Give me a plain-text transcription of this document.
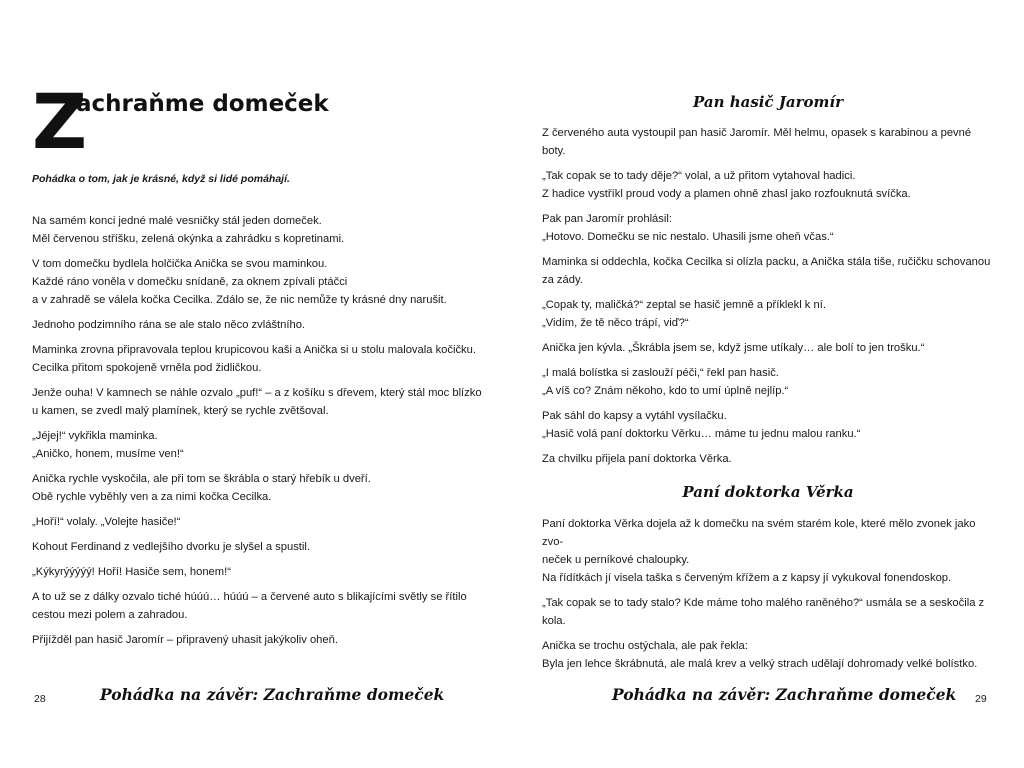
Z
achraňme domeček
Pohádka o tom, jak je krásné, když si lidé pomáhají.

Na samém konci jedné malé vesničky stál jeden domeček.
Měl červenou stříšku, zelená okýnka a zahrádku s kopretinami.

V tom domečku bydlela holčička Anička se svou maminkou.
Každé ráno voněla v domečku snídaně, za oknem zpívali ptáčci
a v zahradě se válela kočka Cecilka. Zdálo se, že nic nemůže ty krásné dny narušit.

Jednoho podzimního rána se ale stalo něco zvláštního.

Maminka zrovna připravovala teplou krupicovou kaši a Anička si u stolu malovala kočičku.
Cecilka přitom spokojeně vrněla pod židličkou.

Jenže ouha! V kamnech se náhle ozvalo „puf!“ – a z košíku s dřevem, který stál moc blízko u kamen, se zvedl malý plamínek, který se rychle zvětšoval.

„Jéjej!“ vykřikla maminka.
„Aničko, honem, musíme ven!“

Anička rychle vyskočila, ale při tom se škrábla o starý hřebík u dveří.
Obě rychle vyběhly ven a za nimi kočka Cecilka.

„Hoří!“ volaly. „Volejte hasiče!“

Kohout Ferdinand z vedlejšího dvorku je slyšel a spustil.

„Kýkyrýýýýý! Hoří! Hasiče sem, honem!“

A to už se z dálky ozvalo tiché húúú… húúú – a červené auto s blikajícími světly se řítilo cestou mezi polem a zahradou.

Přijížděl pan hasič Jaromír – připravený uhasit jakýkoliv oheň.

Pohádka na závěr: Zachraňme domeček
28
Pan hasič Jaromír

Z červeného auta vystoupil pan hasič Jaromír. Měl helmu, opasek s karabinou a pevné boty.

„Tak copak se to tady děje?“ volal, a už přitom vytahoval hadici.
Z hadice vystříkl proud vody a plamen ohně zhasl jako rozfouknutá svíčka.

Pak pan Jaromír prohlásil:
„Hotovo. Domečku se nic nestalo. Uhasili jsme oheň včas.“

Maminka si oddechla, kočka Cecilka si olízla packu, a Anička stála tiše, ručičku schovanou za zády.

„Copak ty, maličká?“ zeptal se hasič jemně a příklekl k ní.
„Vidím, že tě něco trápí, viď?“

Anička jen kývla. „Škrábla jsem se, když jsme utíkaly… ale bolí to jen trošku.“

„I malá bolístka si zaslouží péči,“ řekl pan hasič.
„A víš co? Znám někoho, kdo to umí úplně nejlíp.“

Pak sáhl do kapsy a vytáhl vysílačku.
„Hasič volá paní doktorku Věrku… máme tu jednu malou ranku.“

Za chvilku přijela paní doktorka Věrka.

Paní doktorka Věrka

Paní doktorka Věrka dojela až k domečku na svém starém kole, které mělo zvonek jako zvo-
neček u perníkové chaloupky.
Na řídítkách jí visela taška s červeným křížem a z kapsy jí vykukoval fonendoskop.

„Tak copak se to tady stalo? Kde máme toho malého raněného?“ usmála se a seskočila z kola.

Anička se trochu ostýchala, ale pak řekla:
Byla jen lehce škrábnutá, ale malá krev a velký strach udělají dohromady velké bolístko.

Pohádka na závěr: Zachraňme domeček 29
